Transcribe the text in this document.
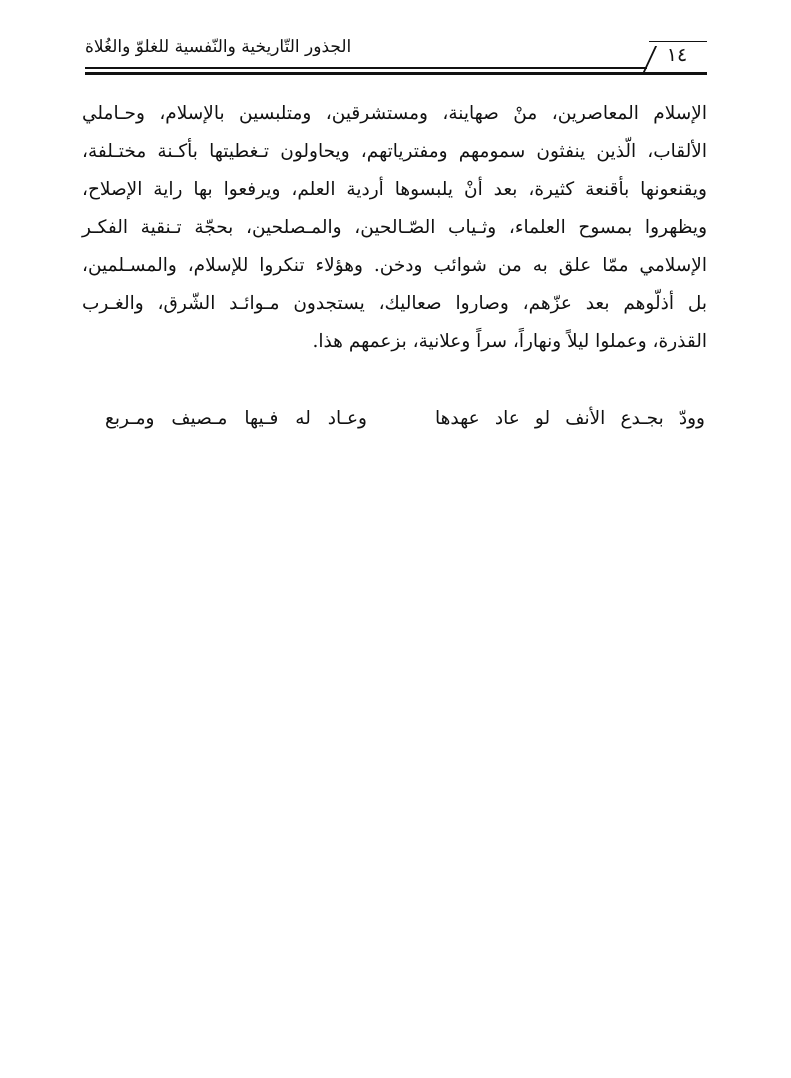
١٤
الجذور التّاريخية والنّفسية للغلوّ والغُلاة
الإسلام المعاصرين، منْ صهاينة، ومستشرقين، ومتلبسين بالإسلام، وحـاملي
الألقاب، الّذين ينفثون سمومهم ومفترياتهم، ويحاولون تـغطيتها بأكـنة مختـلفة،
ويقنعونها بأقنعة كثيرة، بعد أنْ يلبسوها أردية العلم، ويرفعوا بها راية الإصلاح،
ويظهروا بمسوح العلماء، وثـياب الصّـالحين، والمـصلحين، بحجّة تـنقية الفكـر
الإسلامي ممّا علق به من شوائب ودخن. وهؤلاء تنكروا للإسلام، والمسـلمين،
بل أذلّوهم بعد عزّهم، وصاروا صعاليك، يستجدون مـوائـد الشّرق، والغـرب
القذرة، وعملوا ليلاً ونهاراً، سراً وعلانية، بزعمهم هذا.
وودّ بجـدع الأنف لو عاد عهدها
وعـاد له فـيها مـصيف ومـربع
